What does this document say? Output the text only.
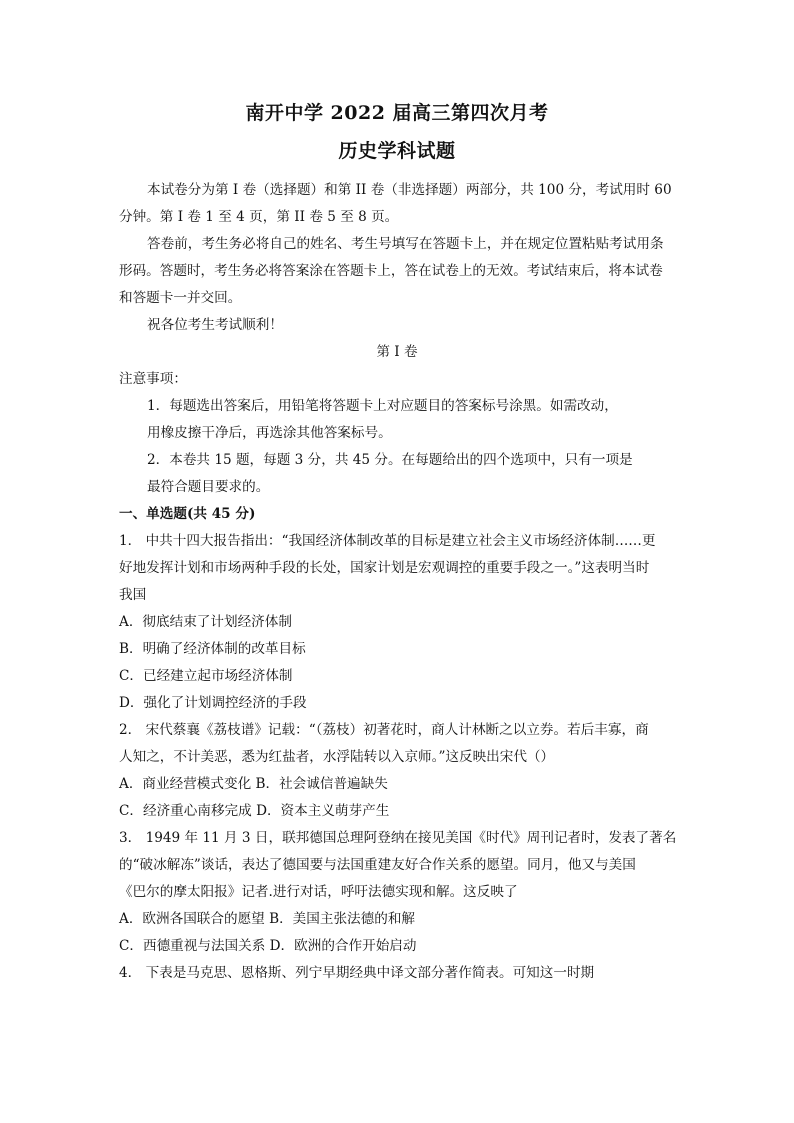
南开中学 2022 届高三第四次月考
历史学科试题
本试卷分为第 I 卷（选择题）和第 II 卷（非选择题）两部分，共 100 分，考试用时 60
分钟。第 I 卷 1 至 4 页，第 II 卷 5 至 8 页。
答卷前，考生务必将自己的姓名、考生号填写在答题卡上，并在规定位置粘贴考试用条
形码。答题时，考生务必将答案涂在答题卡上，答在试卷上的无效。考试结束后，将本试卷
和答题卡一并交回。
祝各位考生考试顺利！
第 I 卷
注意事项：
1．每题选出答案后，用铅笔将答题卡上对应题目的答案标号涂黑。如需改动，
用橡皮擦干净后，再选涂其他答案标号。
2．本卷共 15 题，每题 3 分，共 45 分。在每题给出的四个选项中，只有一项是
最符合题目要求的。
一、单选题(共 45 分)
1． 中共十四大报告指出：“我国经济体制改革的目标是建立社会主义市场经济体制……更
好地发挥计划和市场两种手段的长处，国家计划是宏观调控的重要手段之一。”这表明当时
我国
A．彻底结束了计划经济体制
B．明确了经济体制的改革目标
C．已经建立起市场经济体制
D．强化了计划调控经济的手段
2． 宋代蔡襄《荔枝谱》记载：“（荔枝）初著花时，商人计林断之以立券。若后丰寡，商
人知之，不计美恶，悉为红盐者，水浮陆转以入京师。”这反映出宋代（）
A．商业经营模式变化 B．社会诚信普遍缺失
C．经济重心南移完成 D．资本主义萌芽产生
3． 1949 年 11 月 3 日，联邦德国总理阿登纳在接见美国《时代》周刊记者时，发表了著名
的“破冰解冻”谈话，表达了德国要与法国重建友好合作关系的愿望。同月，他又与美国
《巴尔的摩太阳报》记者.进行对话，呼吁法德实现和解。这反映了
A．欧洲各国联合的愿望 B．美国主张法德的和解
C．西德重视与法国关系 D．欧洲的合作开始启动
4． 下表是马克思、恩格斯、列宁早期经典中译文部分著作简表。可知这一时期
